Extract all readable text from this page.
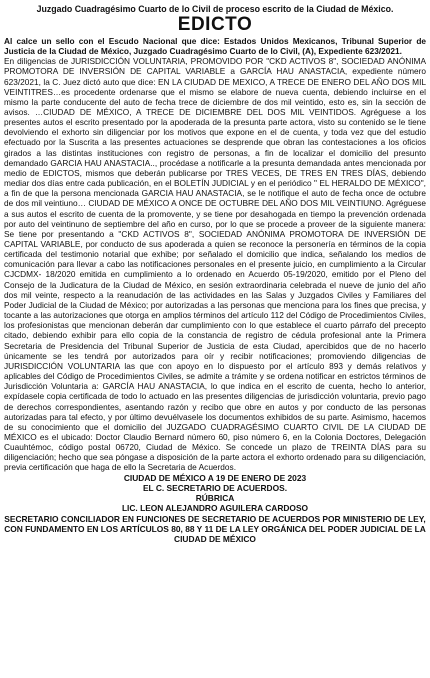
Juzgado Cuadragésimo Cuarto de lo Civil de proceso escrito de la Ciudad de México.
EDICTO
Al calce un sello con el Escudo Nacional que dice: Estados Unidos Mexicanos, Tribunal Superior de Justicia de la Ciudad de México, Juzgado Cuadragésimo Cuarto de lo Civil, (A), Expediente 623/2021.
En diligencias de JURISDICCIÓN VOLUNTARIA, PROMOVIDO POR "CKD ACTIVOS 8", SOCIEDAD ANÓNIMA PROMOTORA DE INVERSIÓN DE CAPITAL VARIABLE a GARCÍA HAU ANASTACIA, expediente número 623/2021, la C. Juez dictó auto que dice: EN LA CIUDAD DE MEXICO, A TRECE DE ENERO DEL AÑO DOS MIL VEINTITRES…es procedente ordenarse que el mismo se elabore de nueva cuenta, debiendo incluirse en el mismo la parte conducente del auto de fecha trece de diciembre de dos mil veintido, esto es, sin la sección de avisos. …CIUDAD DE MÉXICO, A TRECE DE DICIEMBRE DEL DOS MIL VEINTIDOS. Agréguese a los presentes autos el escrito presentado por la apoderada de la presunta parte actora, visto su contenido se le tiene devolviendo el exhorto sin diligenciar por los motivos que expone en el de cuenta, y toda vez que del estudio efectuado por la Suscrita a las presentes actuaciones se desprende que obran las contestaciones a los oficios girados a las distintas instituciones con registro de personas, a fin de localizar el domicilio del presunto demandado GARCIA HAU ANASTACIA.., procédase a notificarle a la presunta demandada antes mencionada por medio de EDICTOS, mismos que deberán publicarse por TRES VECES, DE TRES EN TRES DÍAS, debiendo mediar dos días entre cada publicación, en el BOLETÍN JUDICIAL y en el periódico " EL HERALDO DE MÉXICO", a fin de que la persona mencionada GARCIA HAU ANASTACIA, se le notifique el auto de fecha once de octubre de dos mil veintiuno… CIUDAD DE MÉXICO A ONCE DE OCTUBRE DEL AÑO DOS MIL VEINTIUNO. Agréguese a sus autos el escrito de cuenta de la promovente, y se tiene por desahogada en tiempo la prevención ordenada por auto del veintinuno de septiembre del año en curso, por lo que se procede a proveer de la siguiente manera: Se tiene por presentando a "CKD ACTIVOS 8", SOCIEDAD ANÓNIMA PROMOTORA DE INVERSIÓN DE CAPITAL VARIABLE, por conducto de sus apoderada a quien se reconoce la personería en términos de la copia certificada del testimonio notarial que exhibe; por señalado el domicilio que indica, señalando los medios de comunicación para llevar a cabo las notificaciones personales en el presente juicio, en cumplimiento a la Circular CJCDMX- 18/2020 emitida en cumplimiento a lo ordenado en Acuerdo 05-19/2020, emitido por el Pleno del Consejo de la Judicatura de la Ciudad de México, en sesión extraordinaria celebrada el nueve de junio del año dos mil veinte, respecto a la reanudación de las actividades en las Salas y Juzgados Civiles y Familiares del Poder Judicial de la Ciudad de México; por autorizadas a las personas que menciona para los fines que precisa, y tocante a las autorizaciones que otorga en amplios términos del artículo 112 del Código de Procedimientos Civiles, los profesionistas que mencionan deberán dar cumplimiento con lo que establece el cuarto párrafo del precepto citado, debiendo exhibir para ello copia de la constancia de registro de cédula profesional ante la Primera Secretaria de Presidencia del Tribunal Superior de Justicia de esta Ciudad, apercibidos que de no hacerlo únicamente se les tendrá por autorizados para oír y recibir notificaciones; promoviendo diligencias de JURISDICCIÓN VOLUNTARIA las que con apoyo en lo dispuesto por el artículo 893 y demás relativos y aplicables del Código de Procedimientos Civiles, se admite a trámite y se ordena notificar en estrictos términos de Jurisdicción Voluntaria a: GARCÍA HAU ANASTACIA, lo que indica en el escrito de cuenta, hecho lo anterior, expídasele copia certificada de todo lo actuado en las presentes diligencias de jurisdicción voluntaria, previo pago de derechos correspondientes, asentando razón y recibo que obre en autos y por conducto de las personas autorizadas para tal efecto, y por último devuélvasele los documentos exhibidos de su parte. Asimismo, hacemos de su conocimiento que el domicilio del JUZGADO CUADRAGÉSIMO CUARTO CIVIL DE LA CIUDAD DE MÉXICO es el ubicado: Doctor Claudio Bernard número 60, piso número 6, en la Colonia Doctores, Delegación Cuauhtémoc, código postal 06720, Ciudad de México. Se concede un plazo de TREINTA DÍAS para su diligenciación; hecho que sea póngase a disposición de la parte actora el exhorto ordenado para su diligenciación, previa certificación que haga de ello la Secretaria de Acuerdos.
CIUDAD DE MÉXICO A 19 DE ENERO DE 2023
EL C. SECRETARIO DE ACUERDOS.
RÚBRICA
LIC. LEON ALEJANDRO AGUILERA CARDOSO
SECRETARIO CONCILIADOR EN FUNCIONES DE SECRETARIO DE ACUERDOS POR MINISTERIO DE LEY, CON FUNDAMENTO EN LOS ARTÍCULOS 80, 88 Y 11 DE LA LEY ORGÁNICA DEL PODER JUDICIAL DE LA CIUDAD DE MÉXICO
